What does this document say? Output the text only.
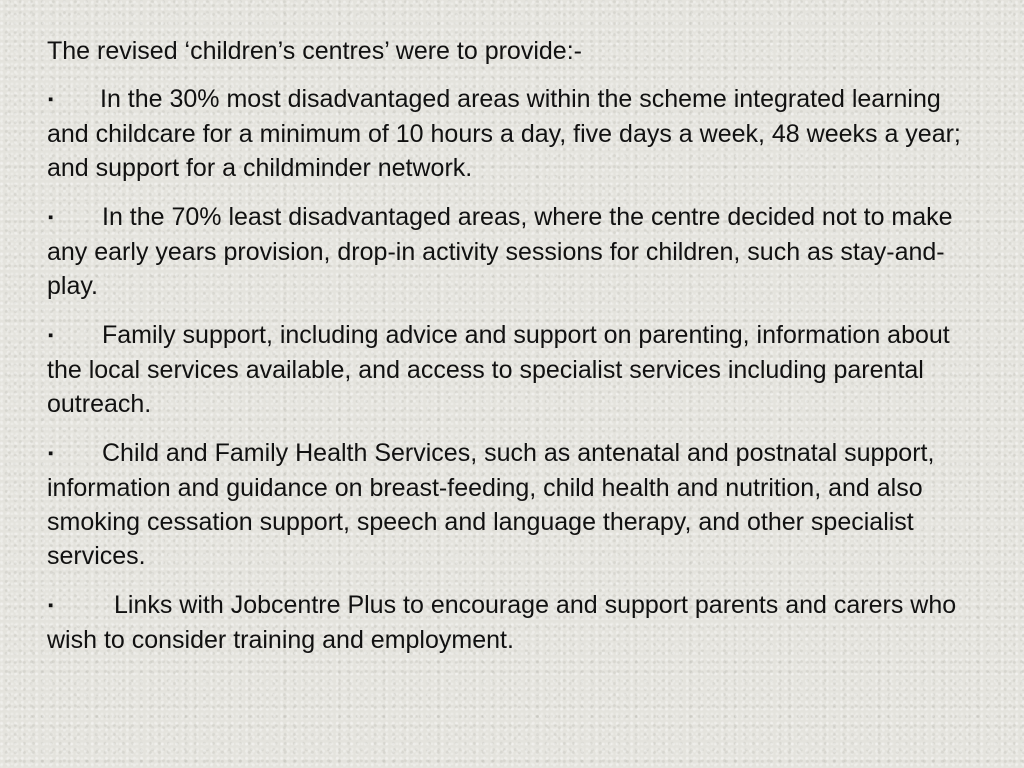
The revised ‘children’s centres’ were to provide:-

▪ In the 30% most disadvantaged areas within the scheme integrated learning and childcare for a minimum of 10 hours a day, five days a week, 48 weeks a year; and support for a childminder network.

▪ In the 70% least disadvantaged areas, where the centre decided not to make any early years provision, drop-in activity sessions for children, such as stay-and-play.

▪ Family support, including advice and support on parenting, information about the local services available, and access to specialist services including parental outreach.

▪ Child and Family Health Services, such as antenatal and postnatal support, information and guidance on breast-feeding, child health and nutrition, and also smoking cessation support, speech and language therapy, and other specialist services.

▪ Links with Jobcentre Plus to encourage and support parents and carers who wish to consider training and employment.
